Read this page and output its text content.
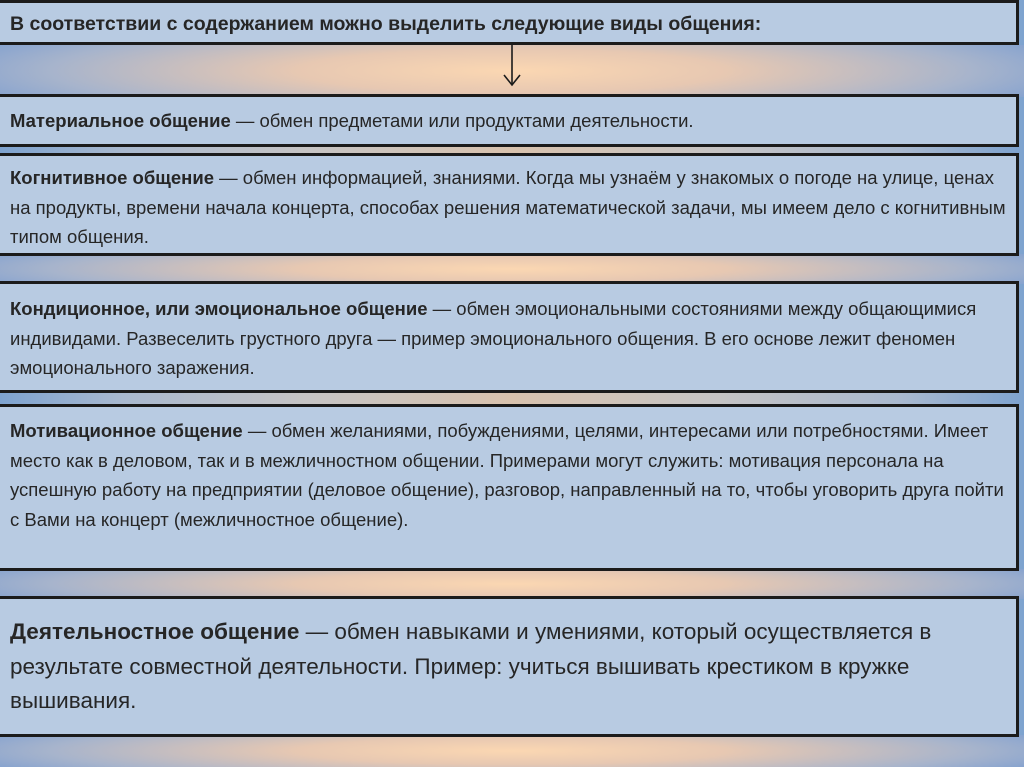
В соответствии с содержанием можно выделить следующие виды общения:

Материальное общение — обмен предметами или продуктами деятельности.

Когнитивное общение — обмен информацией, знаниями. Когда мы узнаём у знакомых о погоде на улице, ценах на продукты, времени начала концерта, способах решения математической задачи, мы имеем дело с когнитивным типом общения.

Кондиционное, или эмоциональное общение — обмен эмоциональными состояниями между общающимися индивидами. Развеселить грустного друга — пример эмоционального общения. В его основе лежит феномен эмоционального заражения.

Мотивационное общение — обмен желаниями, побуждениями, целями, интересами или потребностями. Имеет место как в деловом, так и в межличностном общении. Примерами могут служить: мотивация персонала на успешную работу на предприятии (деловое общение), разговор, направленный на то, чтобы уговорить друга пойти с Вами на концерт (межличностное общение).

Деятельностное общение — обмен навыками и умениями, который осуществляется в результате совместной деятельности. Пример: учиться вышивать крестиком в кружке вышивания.
